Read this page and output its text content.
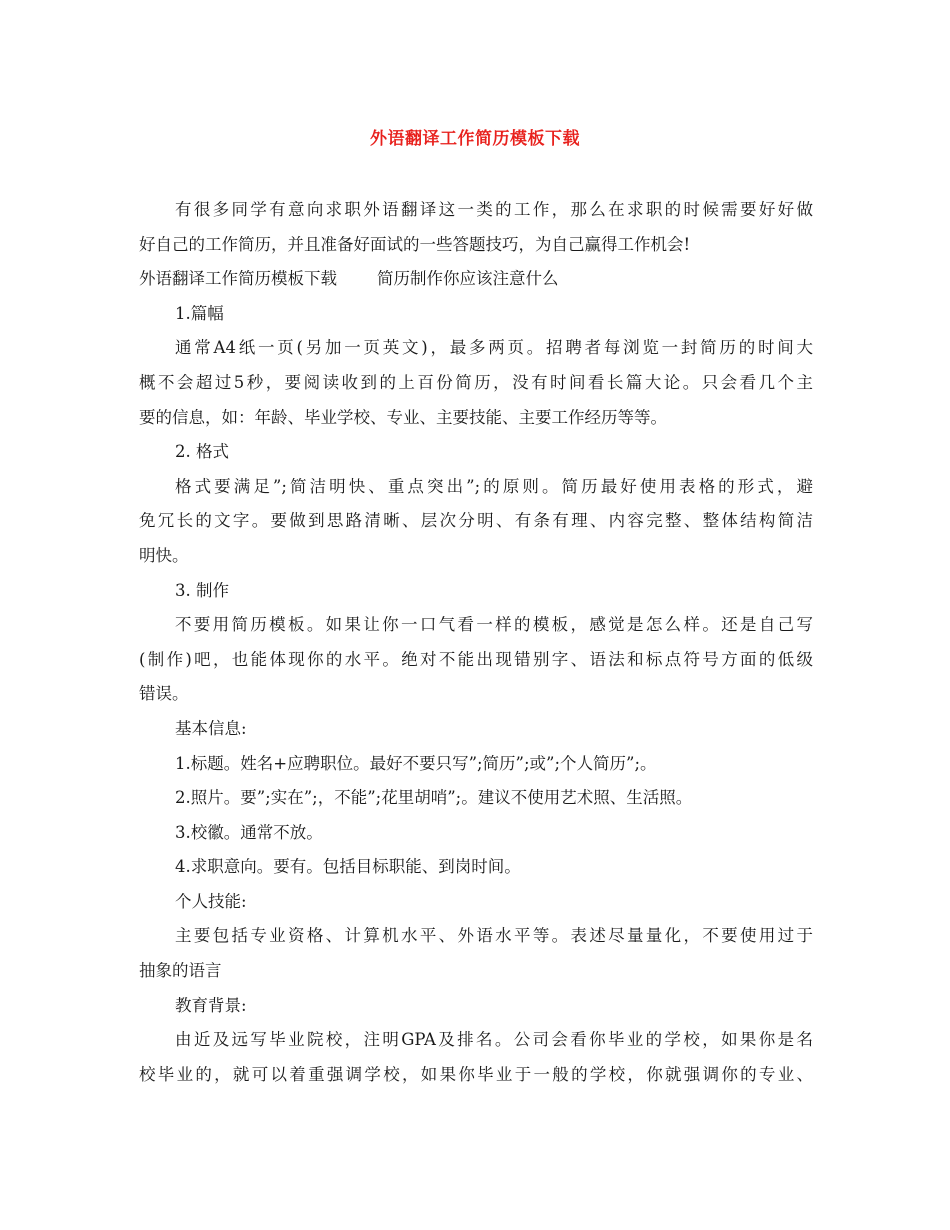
外语翻译工作简历模板下载
有很多同学有意向求职外语翻译这一类的工作，那么在求职的时候需要好好做
好自己的工作简历，并且准备好面试的一些答题技巧，为自己赢得工作机会!
外语翻译工作简历模板下载 简历制作你应该注意什么
1.篇幅
通常A4纸一页(另加一页英文)，最多两页。招聘者每浏览一封简历的时间大
概不会超过5秒，要阅读收到的上百份简历，没有时间看长篇大论。只会看几个主
要的信息，如：年龄、毕业学校、专业、主要技能、主要工作经历等等。
2. 格式
格式要满足”;简洁明快、重点突出”;的原则。简历最好使用表格的形式，避
免冗长的文字。要做到思路清晰、层次分明、有条有理、内容完整、整体结构简洁
明快。
3. 制作
不要用简历模板。如果让你一口气看一样的模板，感觉是怎么样。还是自己写
(制作)吧，也能体现你的水平。绝对不能出现错别字、语法和标点符号方面的低级
错误。
基本信息:
1.标题。姓名+应聘职位。最好不要只写”;简历”;或”;个人简历”;。
2.照片。要”;实在”;，不能”;花里胡哨”;。建议不使用艺术照、生活照。
3.校徽。通常不放。
4.求职意向。要有。包括目标职能、到岗时间。
个人技能:
主要包括专业资格、计算机水平、外语水平等。表述尽量量化，不要使用过于
抽象的语言
教育背景:
由近及远写毕业院校，注明GPA及排名。公司会看你毕业的学校，如果你是名
校毕业的，就可以着重强调学校，如果你毕业于一般的学校，你就强调你的专业、
